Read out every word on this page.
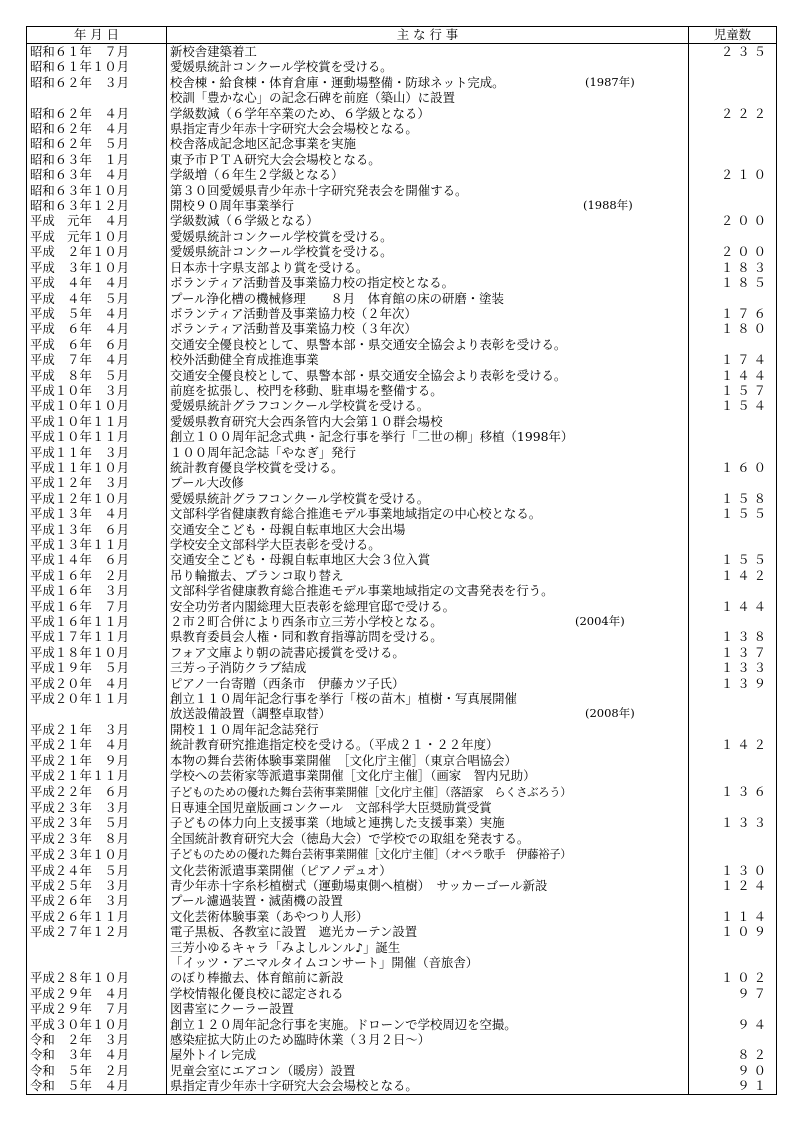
年 月 日	主 な 行 事	児童数
昭和６１年　７月	新校舎建築着工	２３５
昭和６１年１０月	愛媛県統計コンクール学校賞を受ける。	
昭和６２年　３月	校舎棟・給食棟・体育倉庫・運動場整備・防球ネット完成。 (1987年)	

	校訓「豊かな心」の記念石碑を前庭（築山）に設置	
昭和６２年　４月	学級数減（６学年卒業のため、６学級となる）	２２２
昭和６２年　４月	県指定青少年赤十字研究大会会場校となる。	
昭和６２年　５月	校舎落成記念地区記念事業を実施	
昭和６３年　１月	東予市ＰＴＡ研究大会会場校となる。	
昭和６３年　４月	学級増（６年生２学級となる）	２１０
昭和６３年１０月	第３０回愛媛県青少年赤十字研究発表会を開催する。	
昭和６３年１２月	開校９０周年事業挙行 (1988年)	

平成　元年　４月	学級数減（６学級となる）	２００
平成　元年１０月	愛媛県統計コンクール学校賞を受ける。	
平成　２年１０月	愛媛県統計コンクール学校賞を受ける。	２００
平成　３年１０月	日本赤十字県支部より賞を受ける。	１８３
平成　４年　４月	ボランティア活動普及事業協力校の指定校となる。	１８５
平成　４年　５月	プール浄化槽の機械修理　　８月　体育館の床の研磨・塗装	
平成　５年　４月	ボランティア活動普及事業協力校（２年次）	１７６
平成　６年　４月	ボランティア活動普及事業協力校（３年次）	１８０
平成　６年　６月	交通安全優良校として、県警本部・県交通安全協会より表彰を受ける。	
平成　７年　４月	校外活動健全育成推進事業	１７４
平成　８年　５月	交通安全優良校として、県警本部・県交通安全協会より表彰を受ける。	１４４
平成１０年　３月	前庭を拡張し、校門を移動、駐車場を整備する。	１５７
平成１０年１０月	愛媛県統計グラフコンクール学校賞を受ける。	１５４
平成１０年１１月	愛媛県教育研究大会西条管内大会第１０群会場校	
平成１０年１１月	創立１００周年記念式典・記念行事を挙行「二世の柳」移植（1998年）	
平成１１年　３月	１００周年記念誌「やなぎ」発行	
平成１１年１０月	統計教育優良学校賞を受ける。	１６０
平成１２年　３月	プール大改修	
平成１２年１０月	愛媛県統計グラフコンクール学校賞を受ける。	１５８
平成１３年　４月	文部科学省健康教育総合推進モデル事業地域指定の中心校となる。	１５５
平成１３年　６月	交通安全こども・母親自転車地区大会出場	
平成１３年１１月	学校安全文部科学大臣表彰を受ける。	
平成１４年　６月	交通安全こども・母親自転車地区大会３位入賞	１５５
平成１６年　２月	吊り輪撤去、ブランコ取り替え	１４２
平成１６年　３月	文部科学省健康教育総合推進モデル事業地域指定の文書発表を行う。	
平成１６年　７月	安全功労者内閣総理大臣表彰を総理官邸で受ける。	１４４
平成１６年１１月	２市２町合併により西条市立三芳小学校となる。 (2004年)	

平成１７年１１月	県教育委員会人権・同和教育指導訪問を受ける。	１３８
平成１８年１０月	フォア文庫より朝の読書応援賞を受ける。	１３７
平成１９年　５月	三芳っ子消防クラブ結成	１３３
平成２０年　４月	ピアノ一台寄贈（西条市　伊藤カツ子氏）	１３９
平成２０年１１月	創立１１０周年記念行事を挙行「桜の苗木」植樹・写真展開催	
	放送設備設置（調整卓取替） (2008年)	

平成２１年　３月	開校１１０周年記念誌発行	
平成２１年　４月	統計教育研究推進指定校を受ける。（平成２１・２２年度）	１４２
平成２１年　９月	本物の舞台芸術体験事業開催　［文化庁主催］（東京合唱協会）	
平成２１年１１月	学校への芸術家等派遣事業開催［文化庁主催］（画家　智内兄助）	
平成２２年　６月	子どものための優れた舞台芸術事業開催［文化庁主催］（落語家　らくさぶろう）	１３６
平成２３年　３月	日専連全国児童版画コンクール　文部科学大臣奨励賞受賞	
平成２３年　５月	子どもの体力向上支援事業（地域と連携した支援事業）実施	１３３
平成２３年　８月	全国統計教育研究大会（徳島大会）で学校での取組を発表する。	
平成２３年１０月	子どものための優れた舞台芸術事業開催［文化庁主催］（オペラ歌手　伊藤裕子）	
平成２４年　５月	文化芸術派遣事業開催（ピアノデュオ）	１３０
平成２５年　３月	青少年赤十字糸杉植樹式（運動場東側へ植樹）　サッカーゴール新設	１２４
平成２６年　３月	プール濾過装置・滅菌機の設置	
平成２６年１１月	文化芸術体験事業（あやつり人形）	１１４
平成２７年１２月	電子黒板、各教室に設置　遮光カーテン設置	１０９
	三芳小ゆるキャラ「みよしルンル♪」誕生	
	「イッツ・アニマルタイムコンサート」開催（音旅舎）	
平成２８年１０月	のぼり棒撤去、体育館前に新設	１０２
平成２９年　４月	学校情報化優良校に認定される	９７
平成２９年　７月	図書室にクーラー設置	
平成３０年１０月	創立１２０周年記念行事を実施。ドローンで学校周辺を空撮。	９４
令和　２年　３月	感染症拡大防止のため臨時休業（３月２日～）	
令和　３年　４月	屋外トイレ完成	８２
令和　５年　２月	児童会室にエアコン（暖房）設置	９０
令和　５年　４月	県指定青少年赤十字研究大会会場校となる。	９１
